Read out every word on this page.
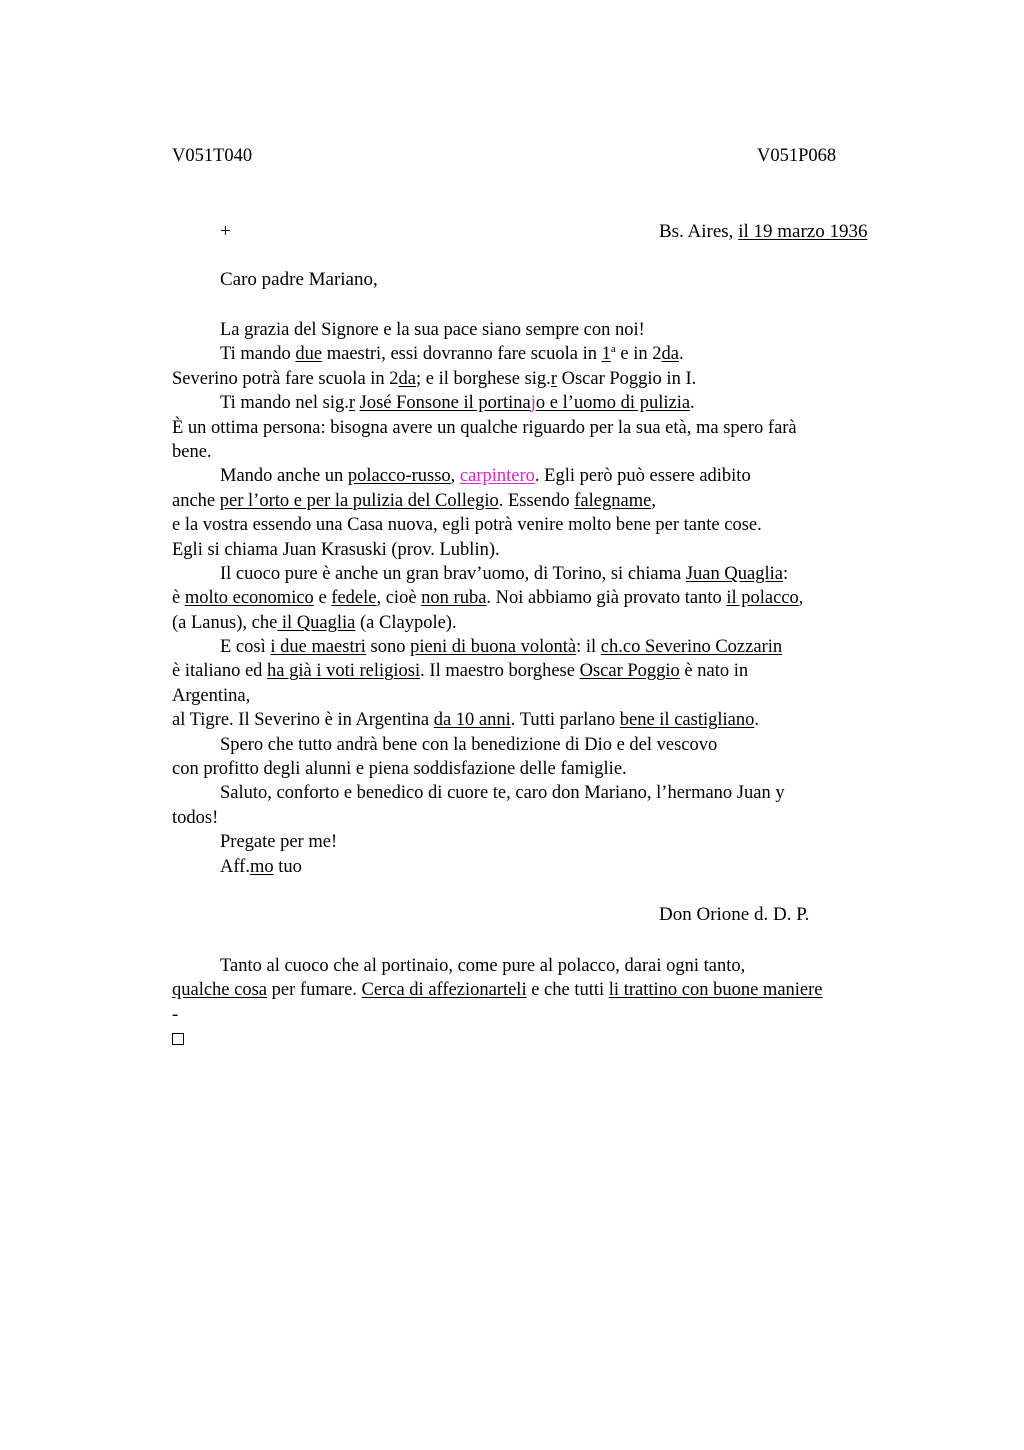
V051T040	V051P068
+	Bs. Aires, il 19 marzo 1936
Caro padre Mariano,
La grazia del Signore e la sua pace siano sempre con noi!
Ti mando due maestri, essi dovranno fare scuola in 1$^a$ e in 2da.
Severino potrà fare scuola in 2da; e il borghese sig.r Oscar Poggio in I.
Ti mando nel sig.r José Fonsone il portinajo e l’uomo di pulizia.
È un ottima persona: bisogna avere un qualche riguardo per la sua età, ma spero farà
bene.
Mando anche un polacco-russo, carpintero. Egli però può essere adibito
anche per l’orto e per la pulizia del Collegio. Essendo falegname,
e la vostra essendo una Casa nuova, egli potrà venire molto bene per tante cose.
Egli si chiama Juan Krasuski (prov. Lublin).
Il cuoco pure è anche un gran brav’uomo, di Torino, si chiama Juan Quaglia:
è molto economico e fedele, cioè non ruba. Noi abbiamo già provato tanto il polacco,
(a Lanus), che il Quaglia (a Claypole).
E così i due maestri sono pieni di buona volontà: il ch.co Severino Cozzarin
è italiano ed ha già i voti religiosi. Il maestro borghese Oscar Poggio è nato in
Argentina,
al Tigre. Il Severino è in Argentina da 10 anni. Tutti parlano bene il castigliano.
Spero che tutto andrà bene con la benedizione di Dio e del vescovo
con profitto degli alunni e piena soddisfazione delle famiglie.
Saluto, conforto e benedico di cuore te, caro don Mariano, l’hermano Juan y
todos!
Pregate per me!
Aff.mo tuo
Don Orione d. D. P.
Tanto al cuoco che al portinaio, come pure al polacco, darai ogni tanto,
qualche cosa per fumare. Cerca di affezionarteli e che tutti li trattino con buone maniere
-
